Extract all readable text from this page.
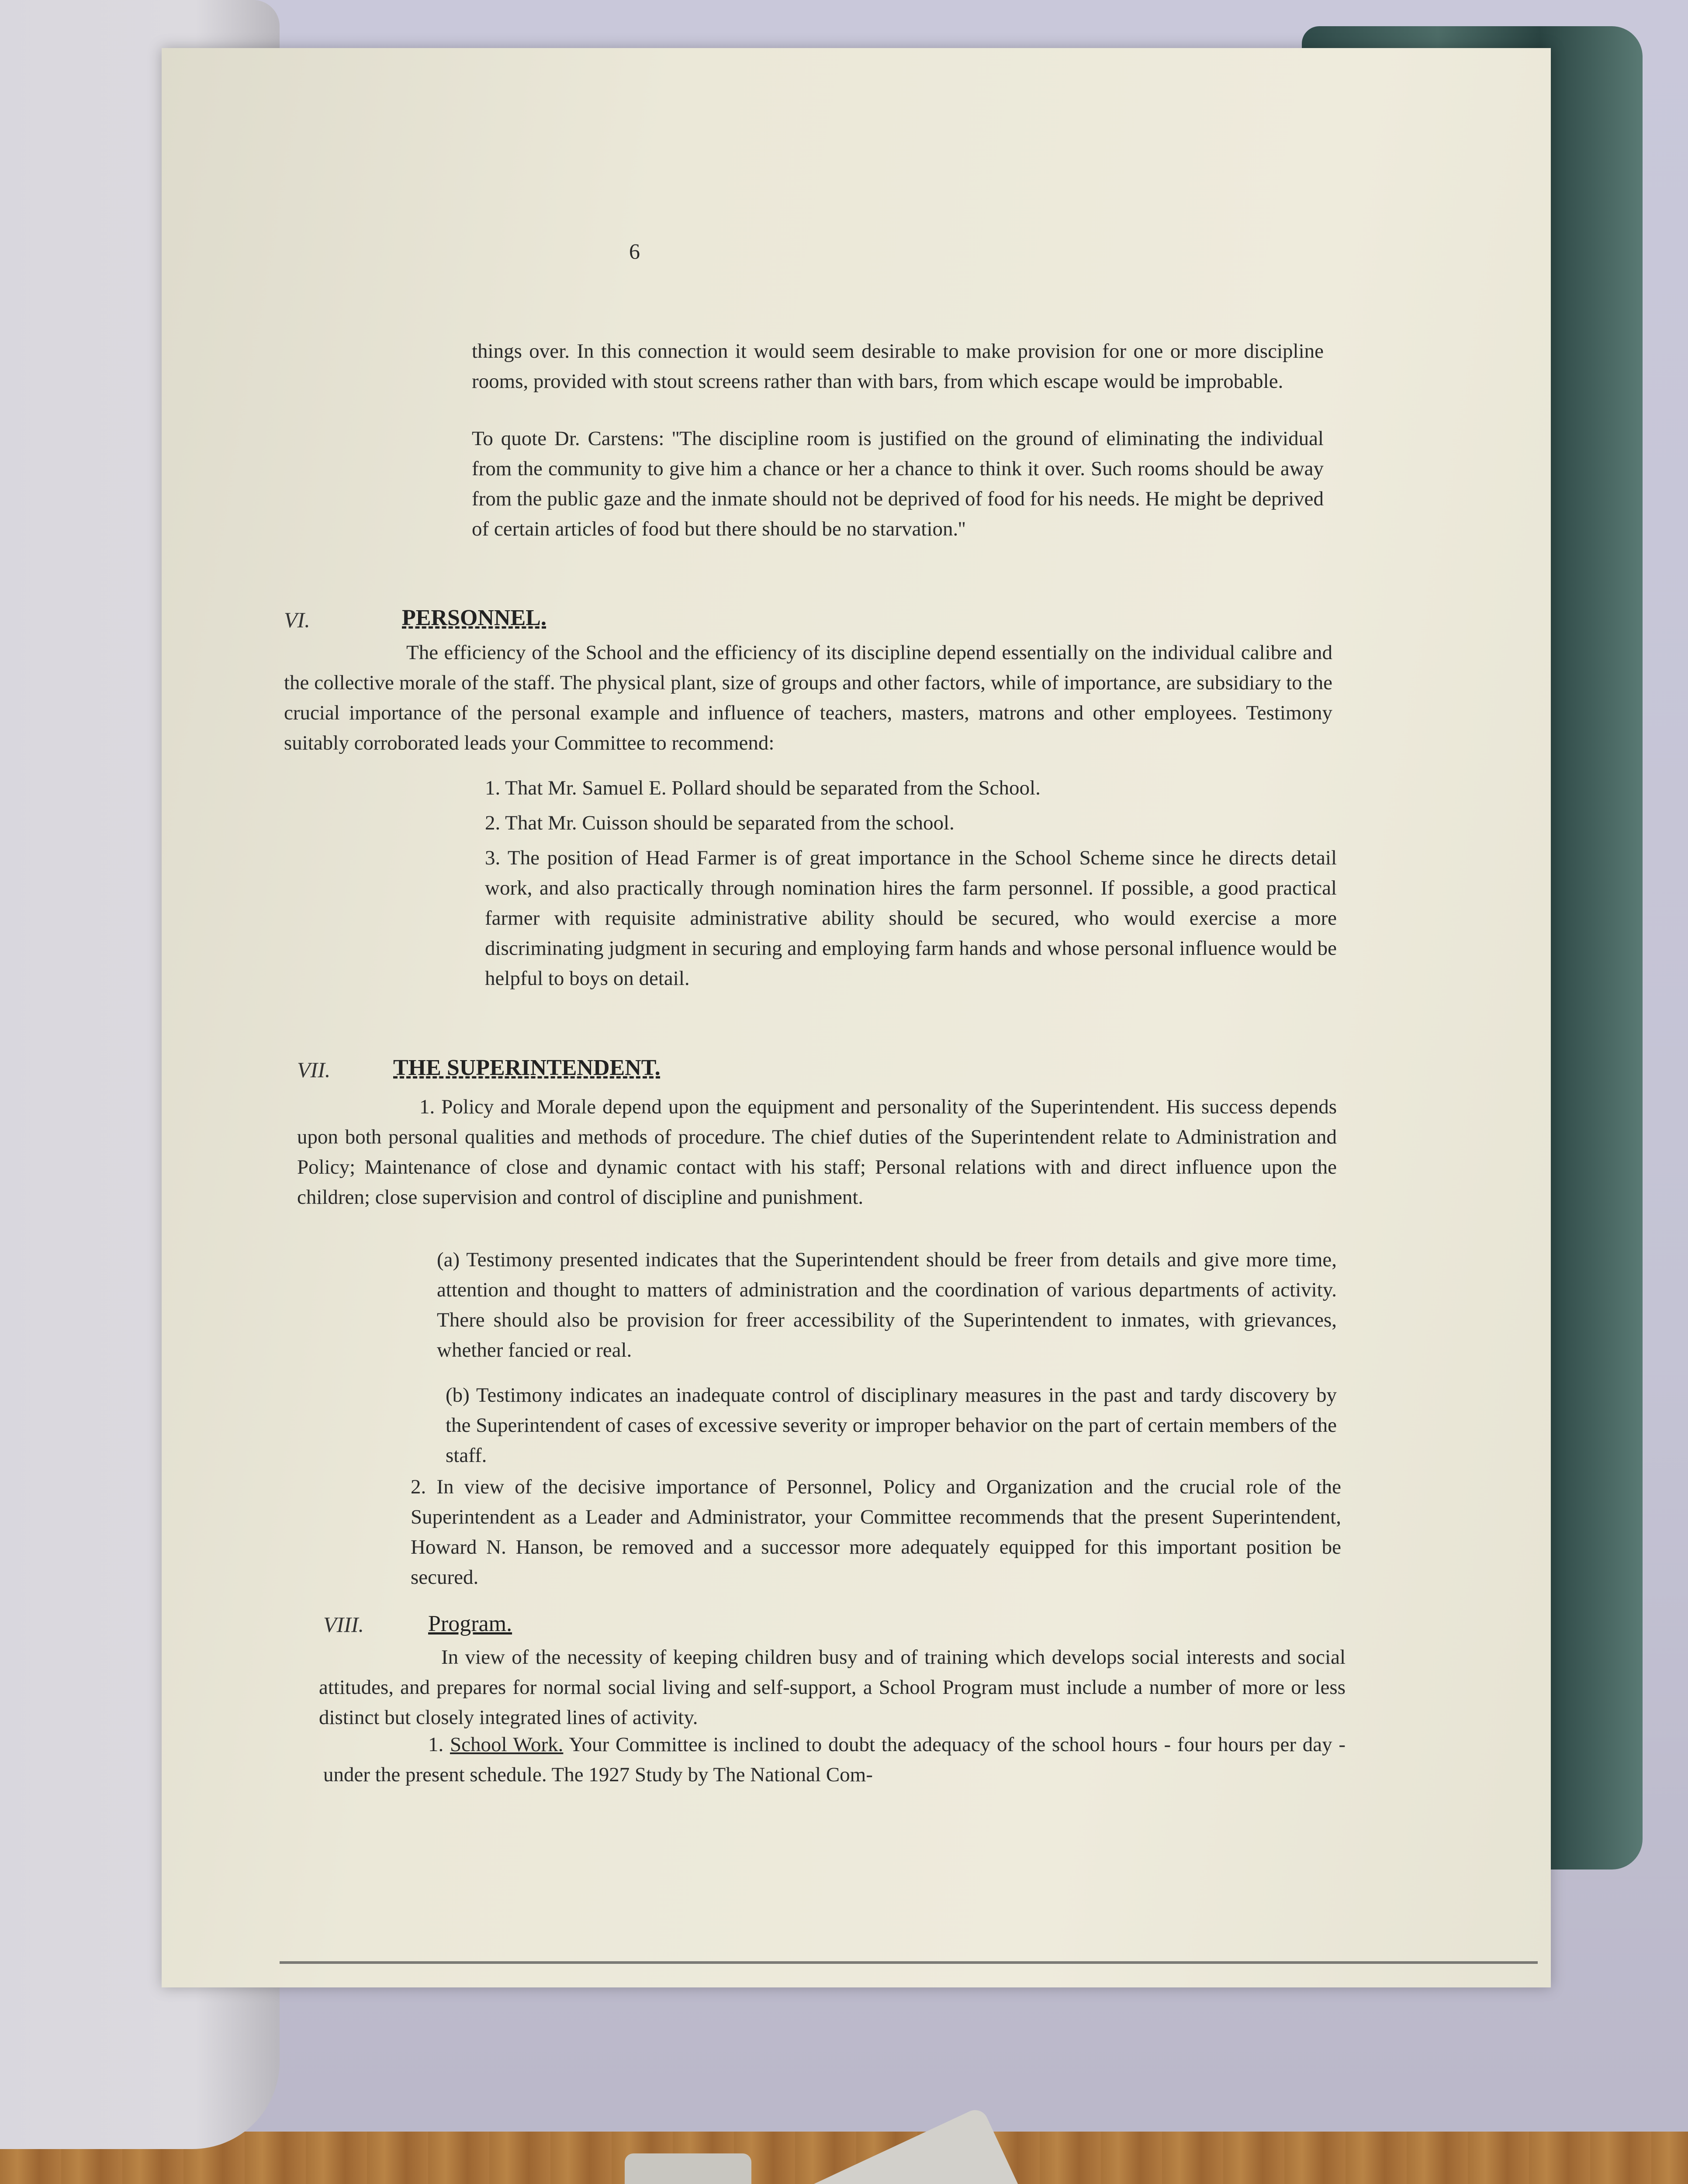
6
things over. In this connection it would seem desirable to make provision for one or more discipline rooms, provided with stout screens rather than with bars, from which escape would be improbable.
To quote Dr. Carstens: ''The discipline room is justified on the ground of eliminating the individual from the community to give him a chance or her a chance to think it over. Such rooms should be away from the public gaze and the inmate should not be deprived of food for his needs. He might be deprived of certain articles of food but there should be no starvation.''
VI.	PERSONNEL.
The efficiency of the School and the efficiency of its discipline depend essentially on the individual calibre and the collective morale of the staff. The physical plant, size of groups and other factors, while of importance, are subsidiary to the crucial importance of the personal example and influence of teachers, masters, matrons and other employees. Testimony suitably corroborated leads your Committee to recommend:
1. That Mr. Samuel E. Pollard should be separated from the School.
2. That Mr. Cuisson should be separated from the school.
3. The position of Head Farmer is of great importance in the School Scheme since he directs detail work, and also practically through nomination hires the farm personnel. If possible, a good practical farmer with requisite administrative ability should be secured, who would exercise a more discriminating judgment in securing and employing farm hands and whose personal influence would be helpful to boys on detail.
VII.	THE SUPERINTENDENT.
1. Policy and Morale depend upon the equipment and personality of the Superintendent. His success depends upon both personal qualities and methods of procedure. The chief duties of the Superintendent relate to Administration and Policy; Maintenance of close and dynamic contact with his staff; Personal relations with and direct influence upon the children; close supervision and control of discipline and punishment.
(a) Testimony presented indicates that the Superintendent should be freer from details and give more time, attention and thought to matters of administration and the coordination of various departments of activity. There should also be provision for freer accessibility of the Superintendent to inmates, with grievances, whether fancied or real.
(b) Testimony indicates an inadequate control of disciplinary measures in the past and tardy discovery by the Superintendent of cases of excessive severity or improper behavior on the part of certain members of the staff.
2. In view of the decisive importance of Personnel, Policy and Organization and the crucial role of the Superintendent as a Leader and Administrator, your Committee recommends that the present Superintendent, Howard N. Hanson, be removed and a successor more adequately equipped for this important position be secured.
VIII.	Program.
In view of the necessity of keeping children busy and of training which develops social interests and social attitudes, and prepares for normal social living and self-support, a School Program must include a number of more or less distinct but closely integrated lines of activity.
1. School Work. Your Committee is inclined to doubt the adequacy of the school hours - four hours per day - under the present schedule. The 1927 Study by The National Com-
